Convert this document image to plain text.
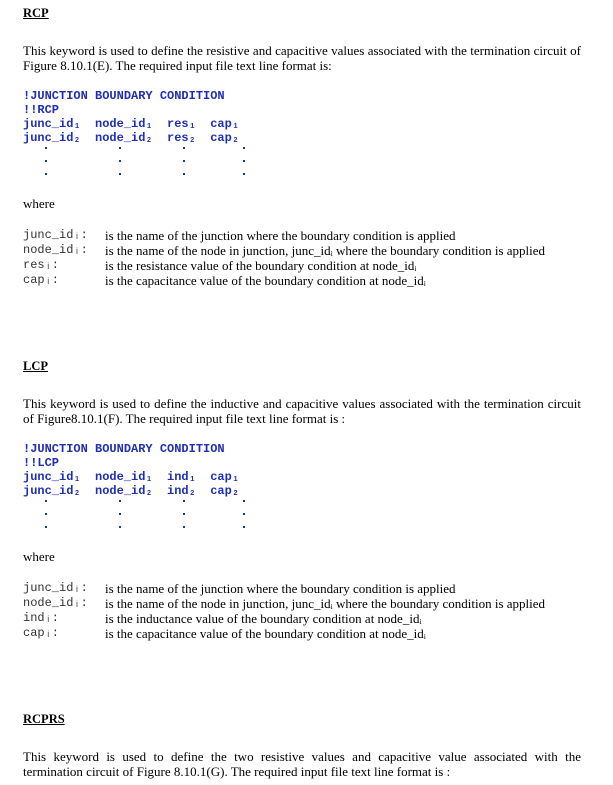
RCP

This keyword is used to define the resistive and capacitive values associated with the termination circuit of Figure 8.10.1(E). The required input file text line format is:

!JUNCTION BOUNDARY CONDITION
!!RCP
junc_id₁  node_id₁  res₁  cap₁
junc_id₂  node_id₂  res₂  cap₂

where

junc_idᵢ:	is the name of the junction where the boundary condition is applied
node_idᵢ:	is the name of the node in junction, junc_idᵢ where the boundary condition is applied
resᵢ:	is the resistance value of the boundary condition at node_idᵢ
capᵢ:	is the capacitance value of the boundary condition at node_idᵢ
LCP

This keyword is used to define the inductive and capacitive values associated with the termination circuit of Figure8.10.1(F). The required input file text line format is :

!JUNCTION BOUNDARY CONDITION
!!LCP
junc_id₁  node_id₁  ind₁  cap₁
junc_id₂  node_id₂  ind₂  cap₂

where

junc_idᵢ:	is the name of the junction where the boundary condition is applied
node_idᵢ:	is the name of the node in junction, junc_idᵢ where the boundary condition is applied
indᵢ:	is the inductance value of the boundary condition at node_idᵢ
capᵢ:	is the capacitance value of the boundary condition at node_idᵢ
RCPRS

This keyword is used to define the two resistive values and capacitive value associated with the termination circuit of Figure 8.10.1(G). The required input file text line format is :
